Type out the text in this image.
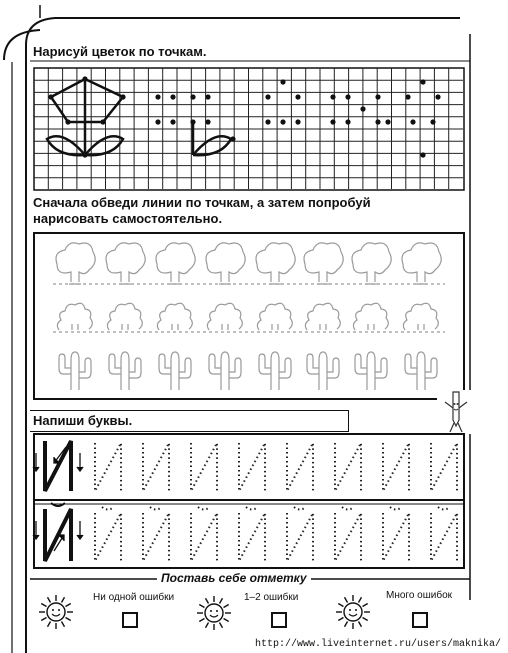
Нарисуй цветок по точкам.
Сначала обведи линии по точкам, а затем попробуй нарисовать самостоятельно.
Напиши буквы.
Поставь себе отметку
Ни одной ошибки	1–2 ошибки	Много ошибок
http://www.liveinternet.ru/users/maknika/
